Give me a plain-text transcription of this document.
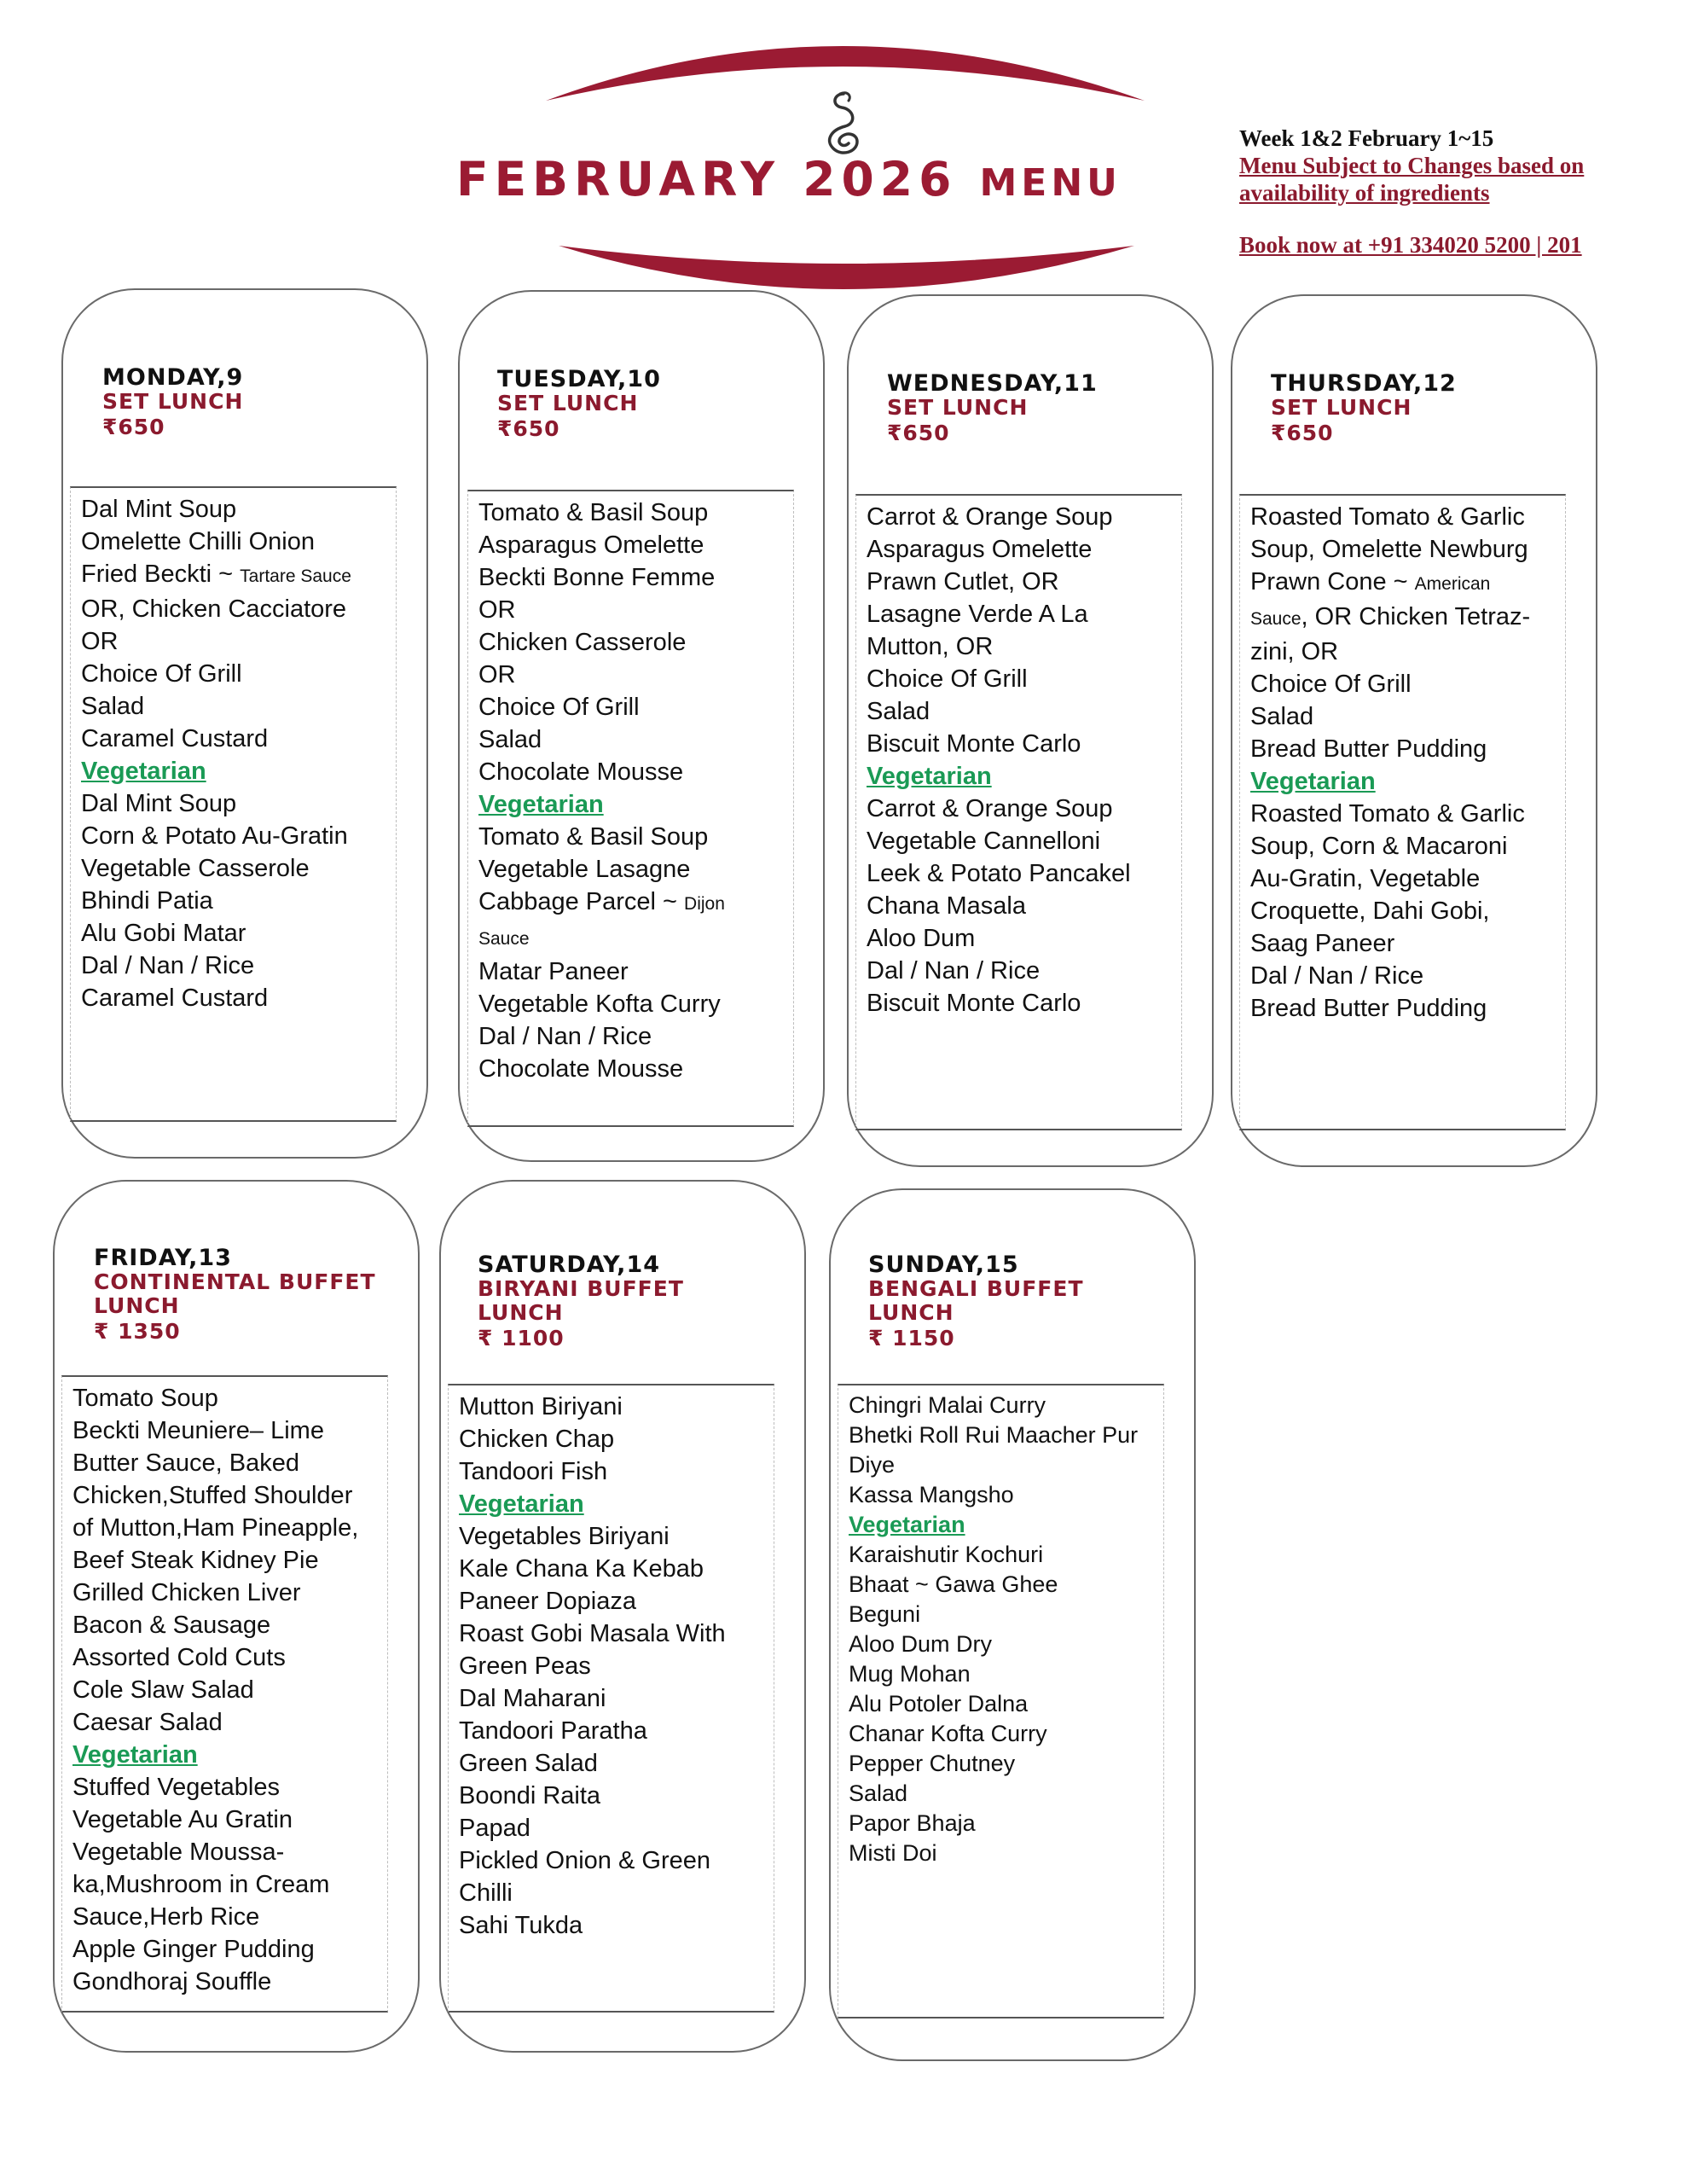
FEBRUARY 2026 MENU
Week 1&2 February 1~15
Menu Subject to Changes based on availability of ingredients
Book now at +91 334020 5200 | 201
MONDAY,9
SET LUNCH
₹650
Dal Mint Soup
Omelette Chilli Onion
Fried Beckti ~ Tartare Sauce
OR, Chicken Cacciatore
OR
Choice Of Grill
Salad
Caramel Custard
Vegetarian
Dal Mint Soup
Corn & Potato Au-Gratin
Vegetable Casserole
Bhindi Patia
Alu Gobi Matar
Dal / Nan / Rice
Caramel Custard
TUESDAY,10
SET LUNCH
₹650
Tomato & Basil Soup
Asparagus Omelette
Beckti Bonne Femme
OR
Chicken Casserole
OR
Choice Of Grill
Salad
Chocolate Mousse
Vegetarian
Tomato & Basil Soup
Vegetable Lasagne
Cabbage Parcel ~ Dijon
Sauce
Matar Paneer
Vegetable Kofta Curry
Dal / Nan / Rice
Chocolate Mousse
WEDNESDAY,11
SET LUNCH
₹650
Carrot & Orange Soup
Asparagus Omelette
Prawn Cutlet, OR
Lasagne Verde A La
Mutton, OR
Choice Of Grill
Salad
Biscuit Monte Carlo
Vegetarian
Carrot & Orange Soup
Vegetable Cannelloni
Leek & Potato Pancakel
Chana Masala
Aloo Dum
Dal / Nan / Rice
Biscuit Monte Carlo
THURSDAY,12
SET LUNCH
₹650
Roasted Tomato & Garlic
Soup, Omelette Newburg
Prawn Cone ~ American
Sauce, OR Chicken Tetraz-
zini, OR
Choice Of Grill
Salad
Bread Butter Pudding
Vegetarian
Roasted Tomato & Garlic
Soup, Corn & Macaroni
Au-Gratin, Vegetable
Croquette, Dahi Gobi,
Saag Paneer
Dal / Nan / Rice
Bread Butter Pudding
FRIDAY,13
CONTINENTAL BUFFET
LUNCH
₹ 1350
Tomato Soup
Beckti Meuniere– Lime
Butter Sauce, Baked
Chicken,Stuffed Shoulder
of Mutton,Ham Pineapple,
Beef Steak Kidney Pie
Grilled Chicken Liver
Bacon & Sausage
Assorted Cold Cuts
Cole Slaw Salad
Caesar Salad
Vegetarian
Stuffed Vegetables
Vegetable Au Gratin
Vegetable Moussa-
ka,Mushroom in Cream
Sauce,Herb Rice
Apple Ginger Pudding
Gondhoraj Souffle
SATURDAY,14
BIRYANI BUFFET LUNCH
₹ 1100
Mutton Biriyani
Chicken Chap
Tandoori Fish
Vegetarian
Vegetables Biriyani
Kale Chana Ka Kebab
Paneer Dopiaza
Roast Gobi Masala With
Green Peas
Dal Maharani
Tandoori Paratha
Green Salad
Boondi Raita
Papad
Pickled Onion & Green
Chilli
Sahi Tukda
SUNDAY,15
BENGALI BUFFET
LUNCH
₹ 1150
Chingri Malai Curry
Bhetki Roll Rui Maacher Pur
Diye
Kassa Mangsho
Vegetarian
Karaishutir Kochuri
Bhaat ~ Gawa Ghee
Beguni
Aloo Dum Dry
Mug Mohan
Alu Potoler Dalna
Chanar Kofta Curry
Pepper Chutney
Salad
Papor Bhaja
Misti Doi
